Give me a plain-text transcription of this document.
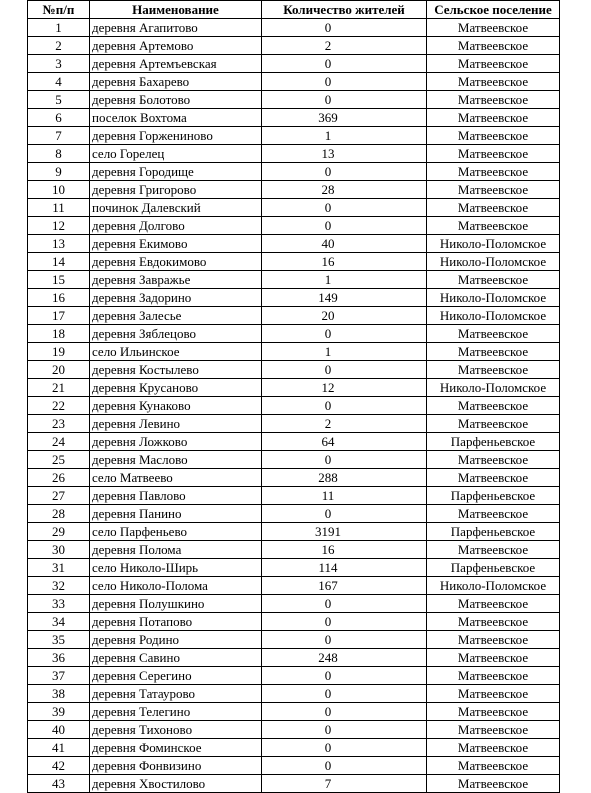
№п/п	Наименование	Количество жителей	Сельское поселение
1	деревня Агапитово	0	Матвеевское
2	деревня Артемово	2	Матвеевское
3	деревня Артемъевская	0	Матвеевское
4	деревня Бахарево	0	Матвеевское
5	деревня Болотово	0	Матвеевское
6	поселок Вохтома	369	Матвеевское
7	деревня Горженинoво	1	Матвеевское
8	село Горелец	13	Матвеевское
9	деревня Городище	0	Матвеевское
10	деревня Григорово	28	Матвеевское
11	починок Далевский	0	Матвеевское
12	деревня Долгово	0	Матвеевское
13	деревня Екимово	40	Николо-Поломское
14	деревня Евдокимово	16	Николо-Поломское
15	деревня Завражье	1	Матвеевское
16	деревня Задорино	149	Николо-Поломское
17	деревня Залесье	20	Николо-Поломское
18	деревня Зяблецово	0	Матвеевское
19	село Ильинское	1	Матвеевское
20	деревня Костылево	0	Матвеевское
21	деревня Крусаново	12	Николо-Поломское
22	деревня Кунаково	0	Матвеевское
23	деревня Левино	2	Матвеевское
24	деревня Ложково	64	Парфеньевское
25	деревня Маслово	0	Матвеевское
26	село Матвеево	288	Матвеевское
27	деревня Павлово	11	Парфеньевское
28	деревня Панино	0	Матвеевское
29	село Парфеньево	3191	Парфеньевское
30	деревня Полома	16	Матвеевское
31	село Николо-Ширь	114	Парфеньевское
32	село Николо-Полома	167	Николо-Поломское
33	деревня Полушкино	0	Матвеевское
34	деревня Потапово	0	Матвеевское
35	деревня Родино	0	Матвеевское
36	деревня Савино	248	Матвеевское
37	деревня Серегино	0	Матвеевское
38	деревня Татаурово	0	Матвеевское
39	деревня Телегино	0	Матвеевское
40	деревня Тихоново	0	Матвеевское
41	деревня Фоминское	0	Матвеевское
42	деревня Фонвизино	0	Матвеевское
43	деревня Хвостилово	7	Матвеевское
